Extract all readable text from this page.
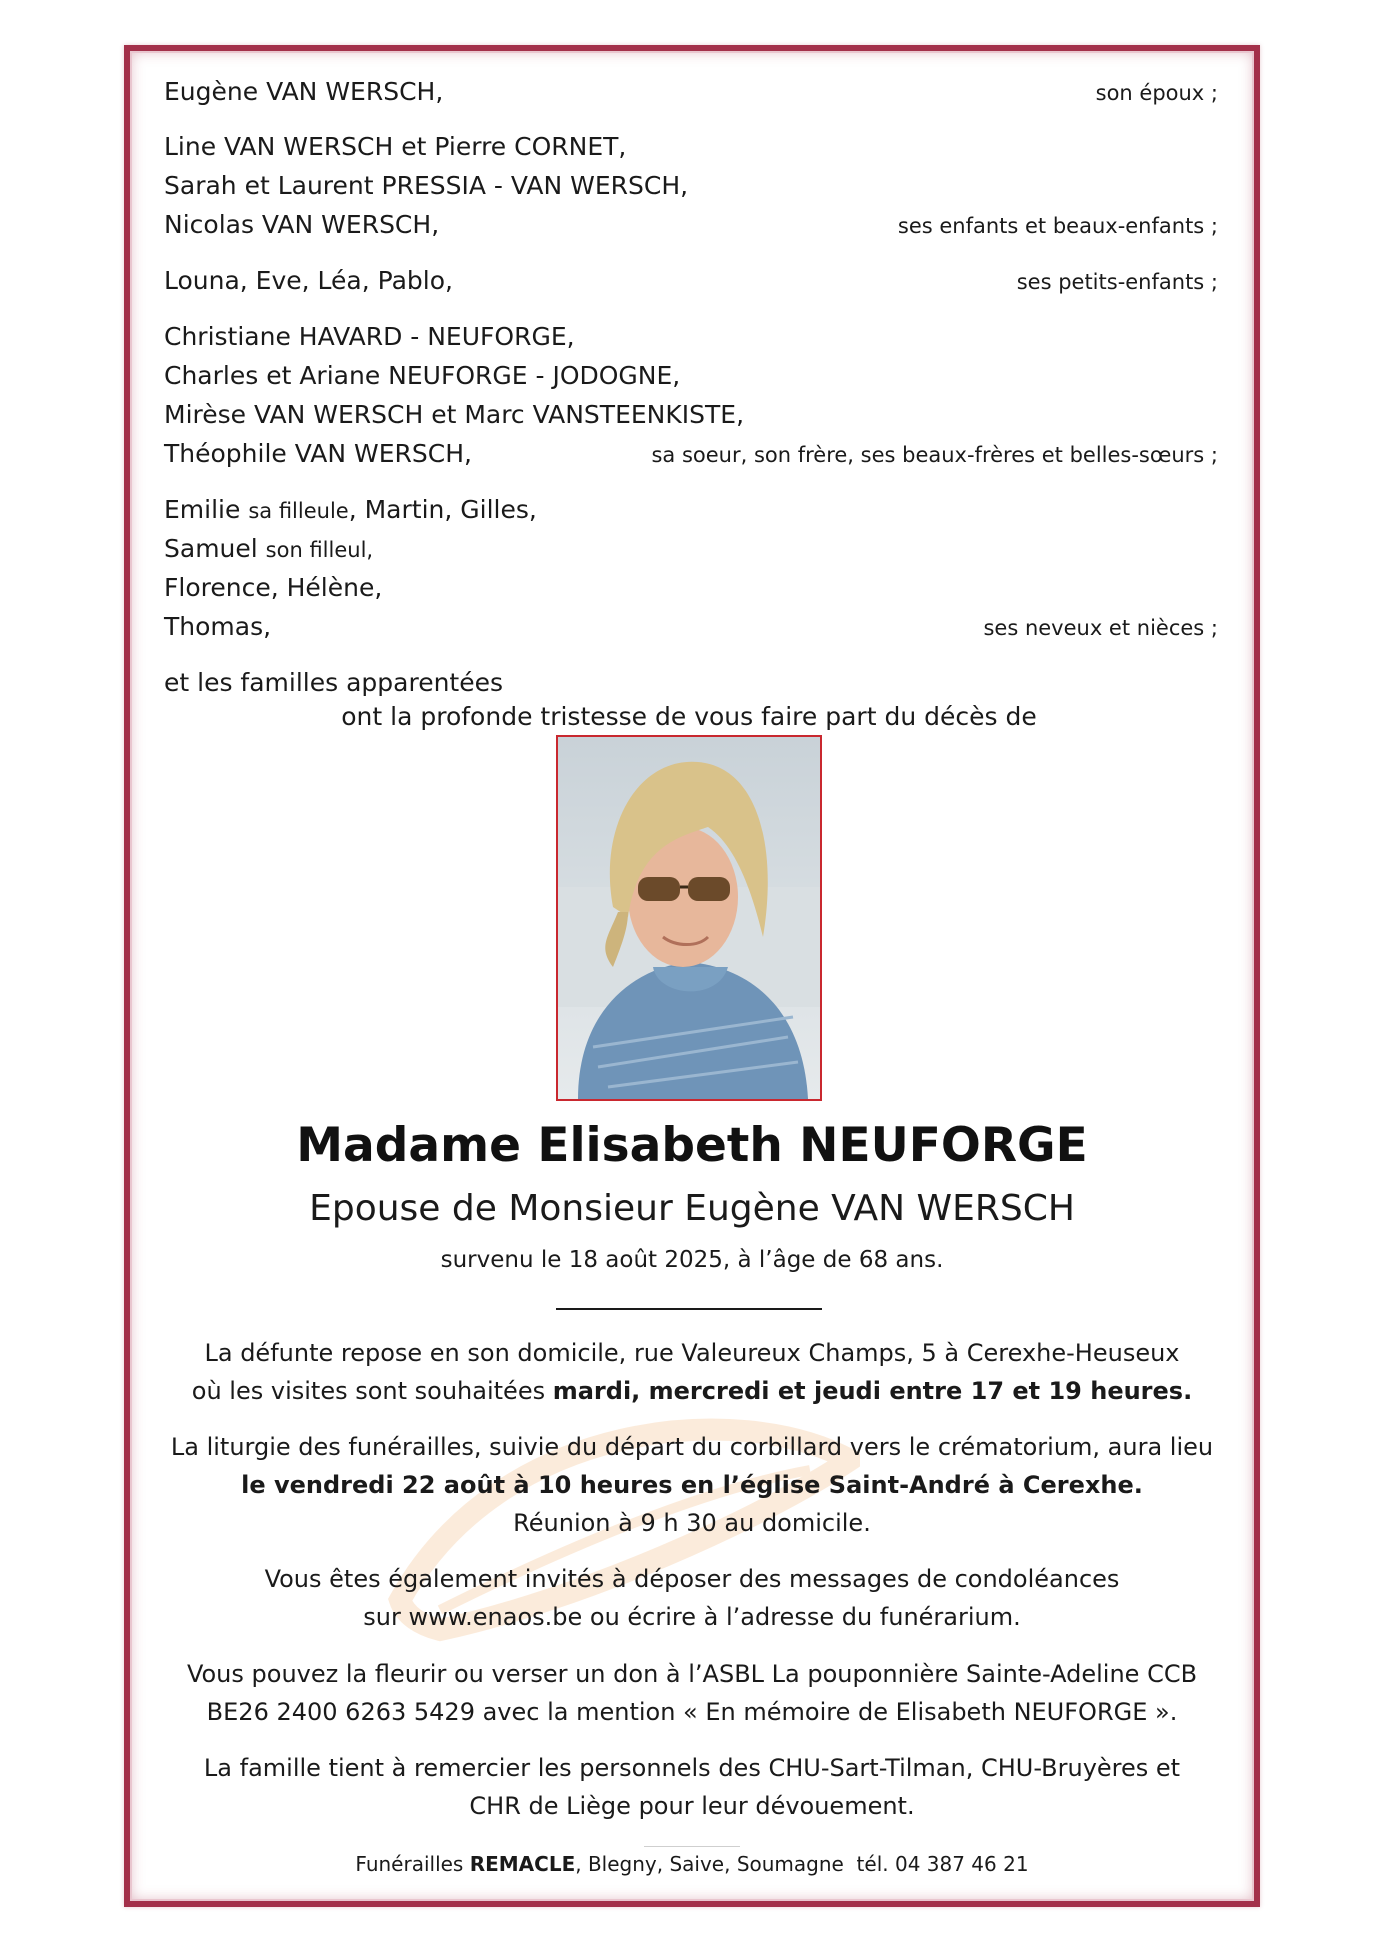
Eugène VAN WERSCH,	son époux ;
Line VAN WERSCH et Pierre CORNET,
Sarah et Laurent PRESSIA - VAN WERSCH,
Nicolas VAN WERSCH,	ses enfants et beaux-enfants ;
Louna, Eve, Léa, Pablo,	ses petits-enfants ;
Christiane HAVARD - NEUFORGE,
Charles et Ariane NEUFORGE - JODOGNE,
Mirèse VAN WERSCH et Marc VANSTEENKISTE,
Théophile VAN WERSCH,	sa soeur, son frère, ses beaux-frères et belles-sœurs ;
Emilie sa filleule, Martin, Gilles,
Samuel son filleul,
Florence, Hélène,
Thomas,	ses neveux et nièces ;
et les familles apparentées
ont la profonde tristesse de vous faire part du décès de
Madame Elisabeth NEUFORGE
Epouse de Monsieur Eugène VAN WERSCH
survenu le 18 août 2025, à l’âge de 68 ans.
La défunte repose en son domicile, rue Valeureux Champs, 5 à Cerexhe-Heuseux
où les visites sont souhaitées mardi, mercredi et jeudi entre 17 et 19 heures.
La liturgie des funérailles, suivie du départ du corbillard vers le crématorium, aura lieu
le vendredi 22 août à 10 heures en l’église Saint-André à Cerexhe.
Réunion à 9 h 30 au domicile.
Vous êtes également invités à déposer des messages de condoléances
sur www.enaos.be ou écrire à l’adresse du funérarium.
Vous pouvez la fleurir ou verser un don à l’ASBL La pouponnière Sainte-Adeline CCB
BE26 2400 6263 5429 avec la mention « En mémoire de Elisabeth NEUFORGE ».
La famille tient à remercier les personnels des CHU-Sart-Tilman, CHU-Bruyères et
CHR de Liège pour leur dévouement.
Funérailles REMACLE, Blegny, Saive, Soumagne  tél. 04 387 46 21
